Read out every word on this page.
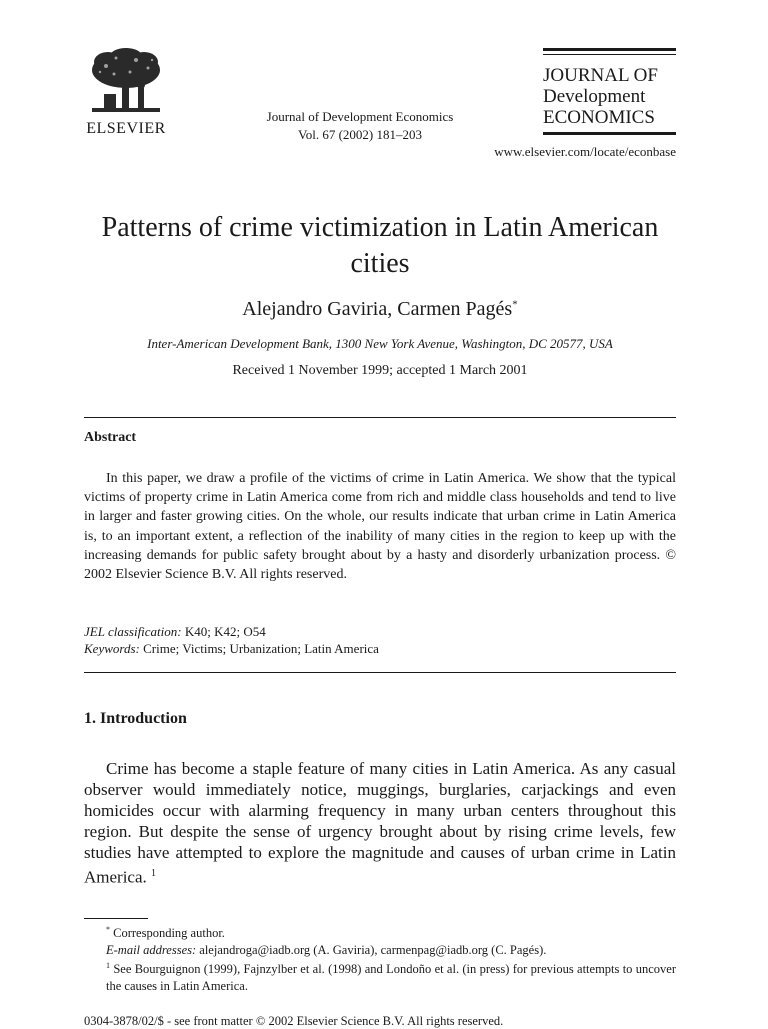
ELSEVIER
Journal of Development Economics
Vol. 67 (2002) 181–203
JOURNAL OF
Development
ECONOMICS
www.elsevier.com/locate/econbase
Patterns of crime victimization in Latin American cities
Alejandro Gaviria, Carmen Pagés*
Inter-American Development Bank, 1300 New York Avenue, Washington, DC 20577, USA
Received 1 November 1999; accepted 1 March 2001
Abstract

In this paper, we draw a profile of the victims of crime in Latin America. We show that the typical victims of property crime in Latin America come from rich and middle class households and tend to live in larger and faster growing cities. On the whole, our results indicate that urban crime in Latin America is, to an important extent, a reflection of the inability of many cities in the region to keep up with the increasing demands for public safety brought about by a hasty and disorderly urbanization process. © 2002 Elsevier Science B.V. All rights reserved.

JEL classification: K40; K42; O54
Keywords: Crime; Victims; Urbanization; Latin America
1. Introduction

Crime has become a staple feature of many cities in Latin America. As any casual observer would immediately notice, muggings, burglaries, carjackings and even homicides occur with alarming frequency in many urban centers throughout this region. But despite the sense of urgency brought about by rising crime levels, few studies have attempted to explore the magnitude and causes of urban crime in Latin America. $^1$

* Corresponding author.

E-mail addresses: alejandroga@iadb.org (A. Gaviria), carmenpag@iadb.org (C. Pagés).

$^1$ See Bourguignon (1999), Fajnzylber et al. (1998) and Londoño et al. (in press) for previous attempts to uncover the causes in Latin America.

0304-3878/02/$ - see front matter © 2002 Elsevier Science B.V. All rights reserved.
